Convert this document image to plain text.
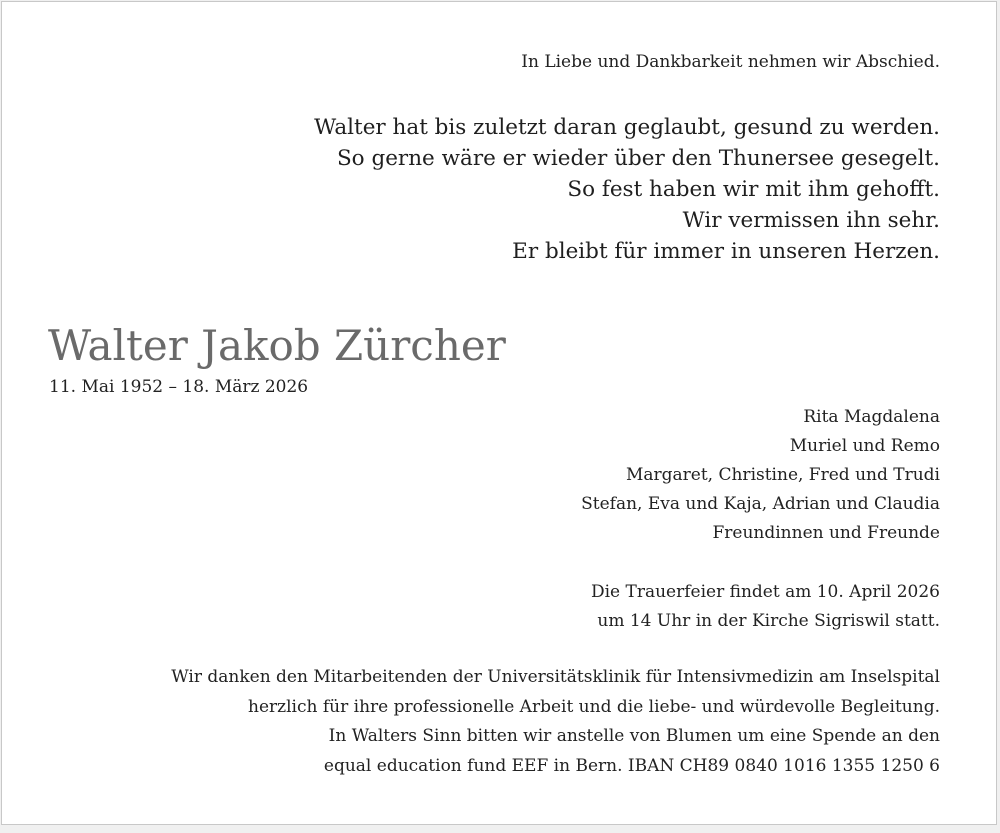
In Liebe und Dankbarkeit nehmen wir Abschied.

Walter hat bis zuletzt daran geglaubt, gesund zu werden.
So gerne wäre er wieder über den Thunersee gesegelt.
So fest haben wir mit ihm gehofft.
Wir vermissen ihn sehr.
Er bleibt für immer in unseren Herzen.
Walter Jakob Zürcher
11. Mai 1952 – 18. März 2026
Rita Magdalena
Muriel und Remo
Margaret, Christine, Fred und Trudi
Stefan, Eva und Kaja, Adrian und Claudia
Freundinnen und Freunde
Die Trauerfeier findet am 10. April 2026
um 14 Uhr in der Kirche Sigriswil statt.
Wir danken den Mitarbeitenden der Universitätsklinik für Intensivmedizin am Inselspital
herzlich für ihre professionelle Arbeit und die liebe- und würdevolle Begleitung.
In Walters Sinn bitten wir anstelle von Blumen um eine Spende an den
equal education fund EEF in Bern. IBAN CH89 0840 1016 1355 1250 6
